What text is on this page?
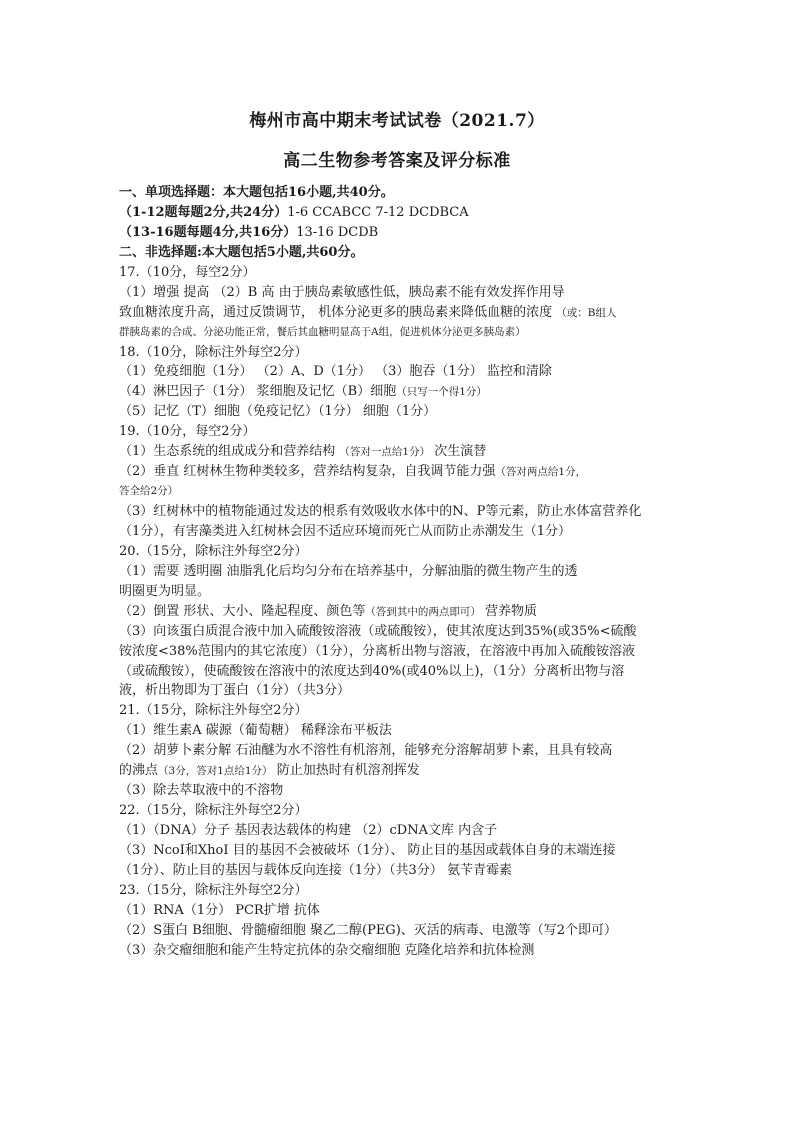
梅州市高中期末考试试卷（2021.7）
高二生物参考答案及评分标准
一、单项选择题：本大题包括16小题,共40分。
（1-12题每题2分,共24分）1-6 CCABCC 7-12 DCDBCA
（13-16题每题4分,共16分）13-16 DCDB
二、非选择题:本大题包括5小题,共60分。
17.（10分，每空2分）
（1）增强 提高 （2）B 高 由于胰岛素敏感性低，胰岛素不能有效发挥作用导
致血糖浓度升高，通过反馈调节， 机体分泌更多的胰岛素来降低血糖的浓度 （或：B组人
群胰岛素的合成、分泌功能正常，餐后其血糖明显高于A组，促进机体分泌更多胰岛素）
18.（10分，除标注外每空2分）
（1）免疫细胞（1分） （2）A、D（1分） （3）胞吞（1分） 监控和清除
（4）淋巴因子（1分） 浆细胞及记忆（B）细胞（只写一个得1分）
（5）记忆（T）细胞（免疫记忆）（1分） 细胞（1分）
19.（10分，每空2分）
（1）生态系统的组成成分和营养结构 （答对一点给1分） 次生演替
（2）垂直 红树林生物种类较多，营养结构复杂，自我调节能力强（答对两点给1分，
答全给2分）
（3）红树林中的植物能通过发达的根系有效吸收水体中的N、P等元素，防止水体富营养化
（1分），有害藻类进入红树林会因不适应环境而死亡从而防止赤潮发生（1分）
20.（15分，除标注外每空2分）
（1）需要 透明圈 油脂乳化后均匀分布在培养基中，分解油脂的微生物产生的透
明圈更为明显。
（2）倒置 形状、大小、隆起程度、颜色等（答到其中的两点即可） 营养物质
（3）向该蛋白质混合液中加入硫酸铵溶液（或硫酸铵），使其浓度达到35%(或35%<硫酸
铵浓度<38%范围内的其它浓度）（1分），分离析出物与溶液，在溶液中再加入硫酸铵溶液
（或硫酸铵），使硫酸铵在溶液中的浓度达到40%(或40%以上)，（1分）分离析出物与溶
液，析出物即为丁蛋白（1分）（共3分）
21.（15分，除标注外每空2分）
（1）维生素A 碳源（葡萄糖） 稀释涂布平板法
（2）胡萝卜素分解 石油醚为水不溶性有机溶剂，能够充分溶解胡萝卜素，且具有较高
的沸点（3分，答对1点给1分） 防止加热时有机溶剂挥发
（3）除去萃取液中的不溶物
22.（15分，除标注外每空2分）
（1）（DNA）分子 基因表达载体的构建 （2）cDNA文库 内含子
（3）NcoI和XhoI 目的基因不会被破坏（1分）、 防止目的基因或载体自身的末端连接
（1分）、防止目的基因与载体反向连接（1分）（共3分） 氨苄青霉素
23.（15分，除标注外每空2分）
（1）RNA（1分） PCR扩增 抗体
（2）S蛋白 B细胞、骨髓瘤细胞 聚乙二醇(PEG)、灭活的病毒、电激等（写2个即可）
（3）杂交瘤细胞和能产生特定抗体的杂交瘤细胞 克隆化培养和抗体检测
